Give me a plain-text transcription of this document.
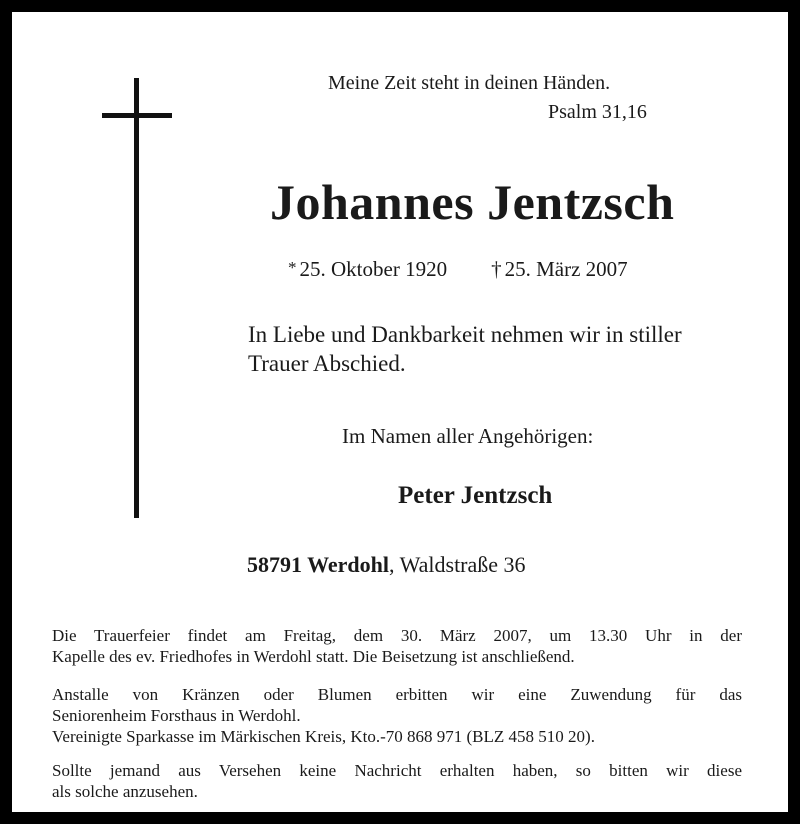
Meine Zeit steht in deinen Händen.
Psalm 31,16
Johannes Jentzsch
* 25. Oktober 1920 † 25. März 2007
In Liebe und Dankbarkeit nehmen wir in stiller
Trauer Abschied.
Im Namen aller Angehörigen:
Peter Jentzsch
58791 Werdohl, Waldstraße 36
Die Trauerfeier findet am Freitag, dem 30. März 2007, um 13.30 Uhr in der
Kapelle des ev. Friedhofes in Werdohl statt. Die Beisetzung ist anschließend.
Anstalle von Kränzen oder Blumen erbitten wir eine Zuwendung für das
Seniorenheim Forsthaus in Werdohl.
Vereinigte Sparkasse im Märkischen Kreis, Kto.-70 868 971 (BLZ 458 510 20).
Sollte jemand aus Versehen keine Nachricht erhalten haben, so bitten wir diese
als solche anzusehen.
